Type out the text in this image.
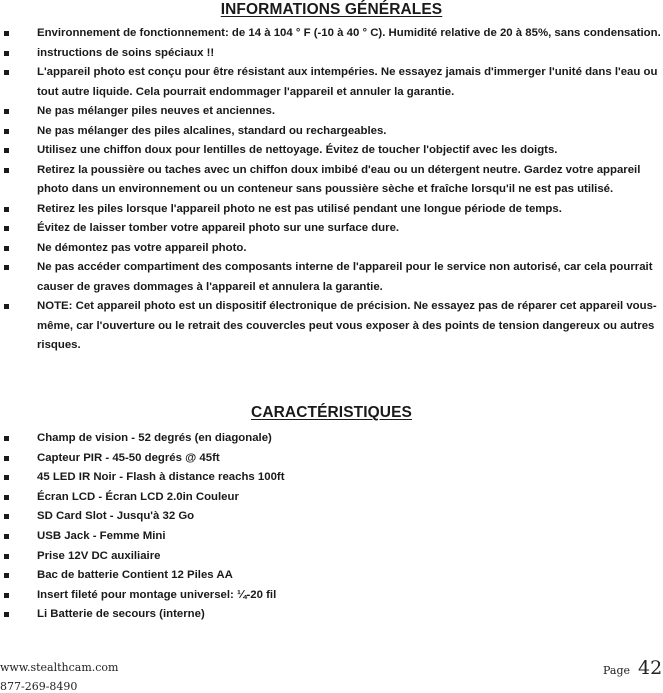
INFORMATIONS GÉNÉRALES
Environnement de fonctionnement: de 14 à 104 ° F (-10 à 40 ° C). Humidité relative de 20 à 85%, sans condensation.
instructions de soins spéciaux !!
L'appareil photo est conçu pour être résistant aux intempéries. Ne essayez jamais d'immerger l'unité dans l'eau ou tout autre liquide. Cela pourrait endommager l'appareil et annuler la garantie.
Ne pas mélanger piles neuves et anciennes.
Ne pas mélanger des piles alcalines, standard ou rechargeables.
Utilisez une chiffon doux pour lentilles de nettoyage. Évitez de toucher l'objectif avec les doigts.
Retirez la poussière ou taches avec un chiffon doux imbibé d'eau ou un détergent neutre. Gardez votre appareil photo dans un environnement ou un conteneur sans poussière sèche et fraîche lorsqu'il ne est pas utilisé.
Retirez les piles lorsque l'appareil photo ne est pas utilisé pendant une longue période de temps.
Évitez de laisser tomber votre appareil photo sur une surface dure.
Ne démontez pas votre appareil photo.
Ne pas accéder compartiment des composants interne de l'appareil pour le service non autorisé, car cela pourrait causer de graves dommages à l'appareil et annulera la garantie.
NOTE: Cet appareil photo est un dispositif électronique de précision. Ne essayez pas de réparer cet appareil vous-même, car l'ouverture ou le retrait des couvercles peut vous exposer à des points de tension dangereux ou autres risques.
CARACTÉRISTIQUES
Champ de vision - 52 degrés (en diagonale)
Capteur PIR - 45-50 degrés @ 45ft
45 LED IR Noir - Flash à distance reachs 100ft
Écran LCD - Écran LCD 2.0in Couleur
SD Card Slot - Jusqu'à 32 Go
USB Jack - Femme Mini
Prise 12V DC auxiliaire
Bac de batterie Contient 12 Piles AA
Insert fileté pour montage universel: ¼-20 fil
Li Batterie de secours (interne)
www.stealthcam.com
877-269-8490
Page 42
